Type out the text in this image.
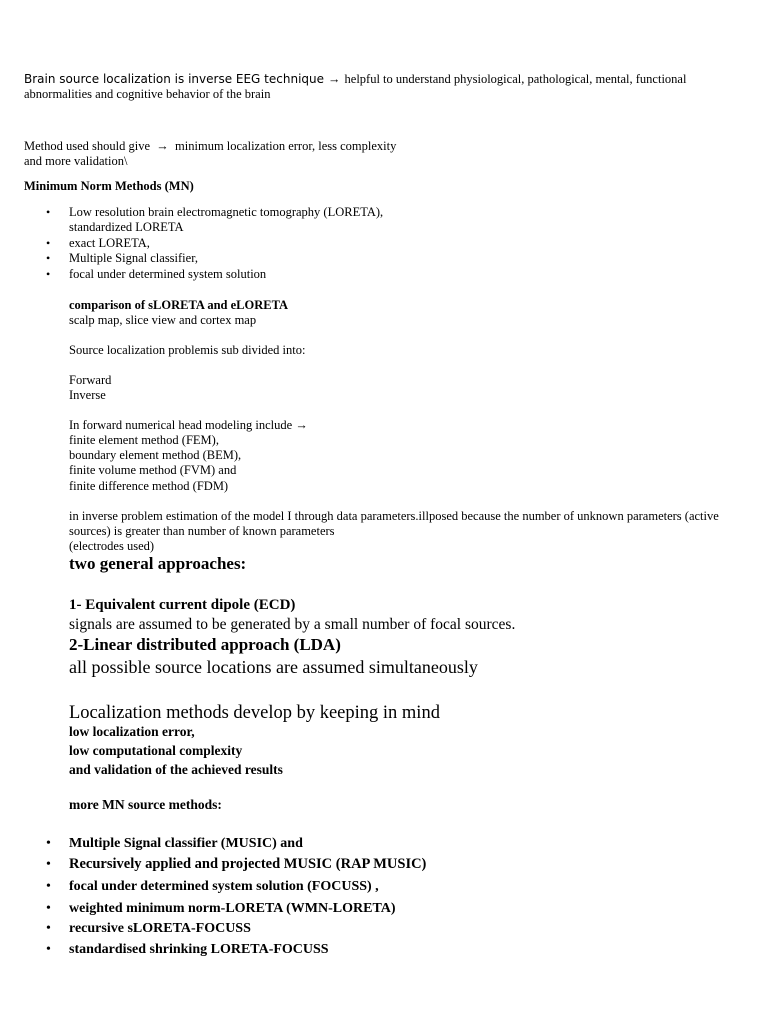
Brain source localization is inverse EEG technique → helpful to understand physiological, pathological, mental, functional
abnormalities and cognitive behavior of the brain
Method used should give → minimum localization error, less complexity
and more validation\
Minimum Norm Methods (MN)
• Low resolution brain electromagnetic tomography (LORETA),
standardized LORETA
• exact LORETA,
• Multiple Signal classifier,
• focal under determined system solution
comparison of sLORETA and eLORETA
scalp map, slice view and cortex map
Source localization problemis sub divided into:
Forward
Inverse
In forward numerical head modeling include →
finite element method (FEM),
boundary element method (BEM),
finite volume method (FVM) and
finite difference method (FDM)
in inverse problem estimation of the model I through data parameters.illposed because the number of unknown parameters (active
sources) is greater than number of known parameters
(electrodes used)
two general approaches:
1- Equivalent current dipole (ECD)
signals are assumed to be generated by a small number of focal sources.
2-Linear distributed approach (LDA)
all possible source locations are assumed simultaneously
Localization methods develop by keeping in mind
low localization error,
low computational complexity
and validation of the achieved results
more MN source methods:
• Multiple Signal classifier (MUSIC) and
• Recursively applied and projected MUSIC (RAP MUSIC)
• focal under determined system solution (FOCUSS) ,
• weighted minimum norm-LORETA (WMN-LORETA)
• recursive sLORETA-FOCUSS
• standardised shrinking LORETA-FOCUSS
